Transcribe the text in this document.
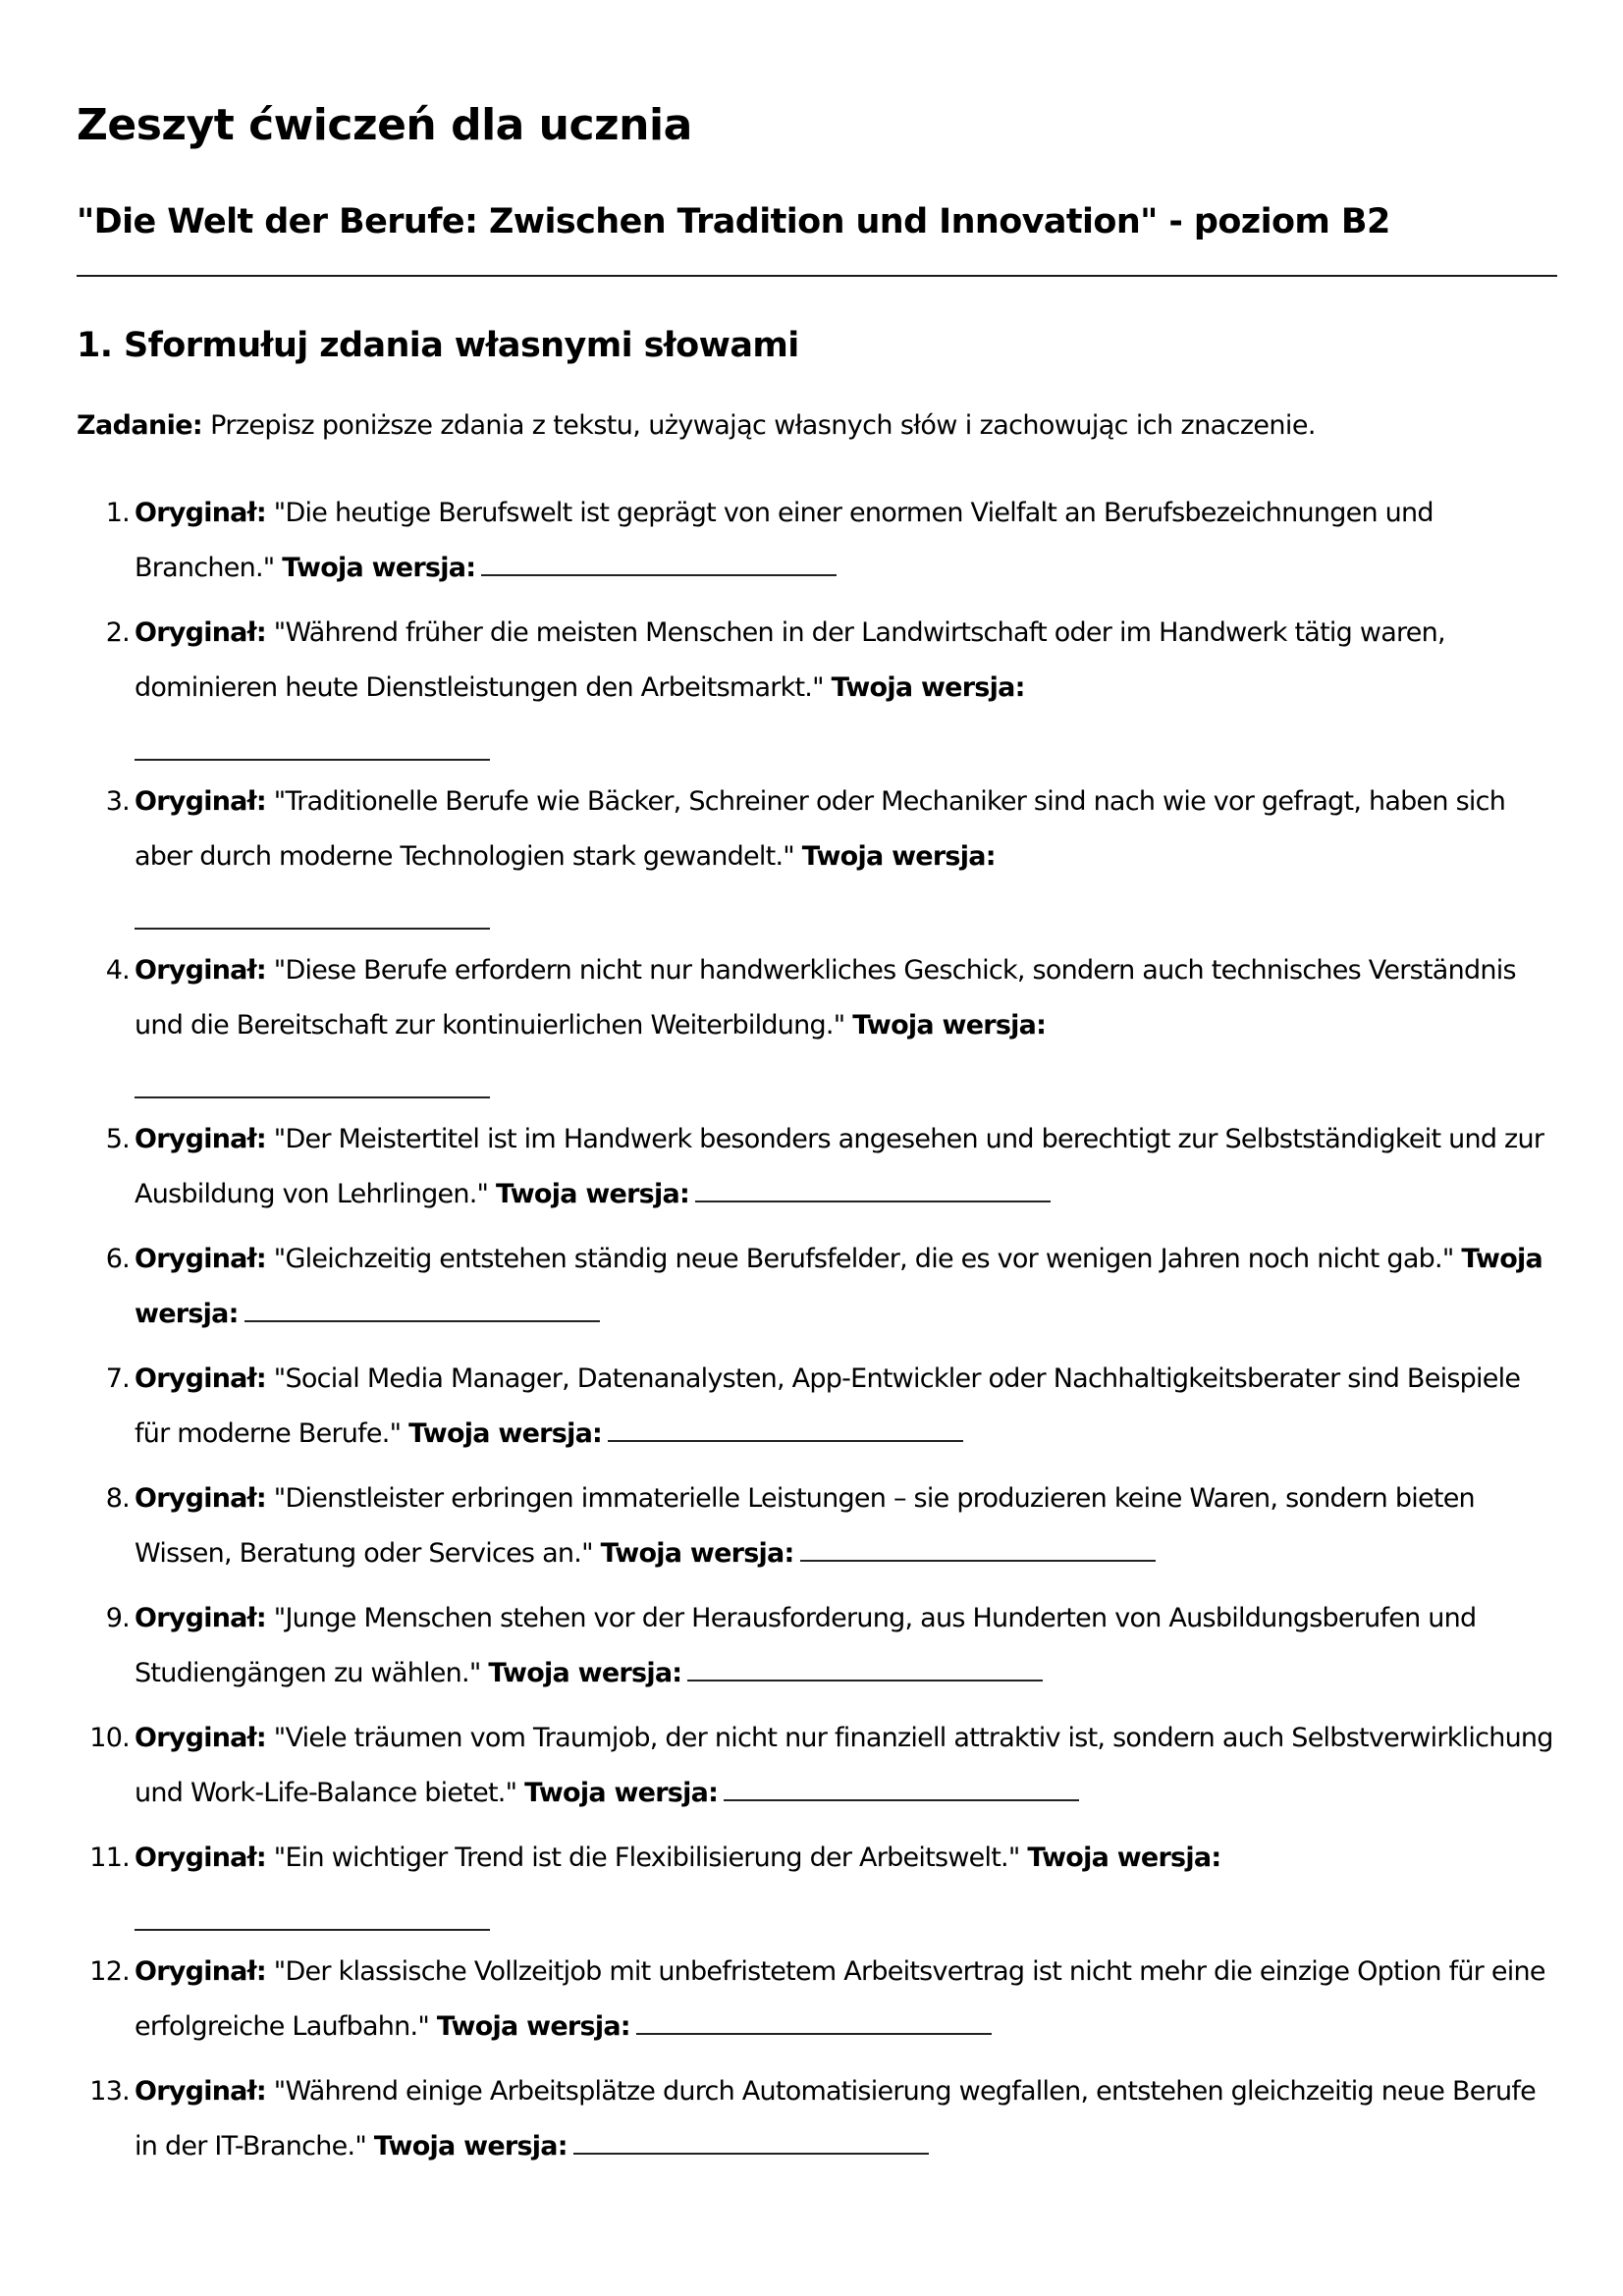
Zeszyt ćwiczeń dla ucznia
"Die Welt der Berufe: Zwischen Tradition und Innovation" - poziom B2
1. Sformułuj zdania własnymi słowami

Zadanie: Przepisz poniższe zdania z tekstu, używając własnych słów i zachowując ich znaczenie.

1. Oryginał: "Die heutige Berufswelt ist geprägt von einer enormen Vielfalt an Berufsbezeichnungen und Branchen." Twoja wersja:
2. Oryginał: "Während früher die meisten Menschen in der Landwirtschaft oder im Handwerk tätig waren, dominieren heute Dienstleistungen den Arbeitsmarkt." Twoja wersja:
3. Oryginał: "Traditionelle Berufe wie Bäcker, Schreiner oder Mechaniker sind nach wie vor gefragt, haben sich aber durch moderne Technologien stark gewandelt." Twoja wersja:
4. Oryginał: "Diese Berufe erfordern nicht nur handwerkliches Geschick, sondern auch technisches Verständnis und die Bereitschaft zur kontinuierlichen Weiterbildung." Twoja wersja:
5. Oryginał: "Der Meistertitel ist im Handwerk besonders angesehen und berechtigt zur Selbstständigkeit und zur Ausbildung von Lehrlingen." Twoja wersja:
6. Oryginał: "Gleichzeitig entstehen ständig neue Berufsfelder, die es vor wenigen Jahren noch nicht gab." Twoja wersja:
7. Oryginał: "Social Media Manager, Datenanalysten, App-Entwickler oder Nachhaltigkeitsberater sind Beispiele für moderne Berufe." Twoja wersja:
8. Oryginał: "Dienstleister erbringen immaterielle Leistungen – sie produzieren keine Waren, sondern bieten Wissen, Beratung oder Services an." Twoja wersja:
9. Oryginał: "Junge Menschen stehen vor der Herausforderung, aus Hunderten von Ausbildungsberufen und Studiengängen zu wählen." Twoja wersja:
10. Oryginał: "Viele träumen vom Traumjob, der nicht nur finanziell attraktiv ist, sondern auch Selbstverwirklichung und Work-Life-Balance bietet." Twoja wersja:
11. Oryginał: "Ein wichtiger Trend ist die Flexibilisierung der Arbeitswelt." Twoja wersja:
12. Oryginał: "Der klassische Vollzeitjob mit unbefristetem Arbeitsvertrag ist nicht mehr die einzige Option für eine erfolgreiche Laufbahn." Twoja wersja:
13. Oryginał: "Während einige Arbeitsplätze durch Automatisierung wegfallen, entstehen gleichzeitig neue Berufe in der IT-Branche." Twoja wersja:
